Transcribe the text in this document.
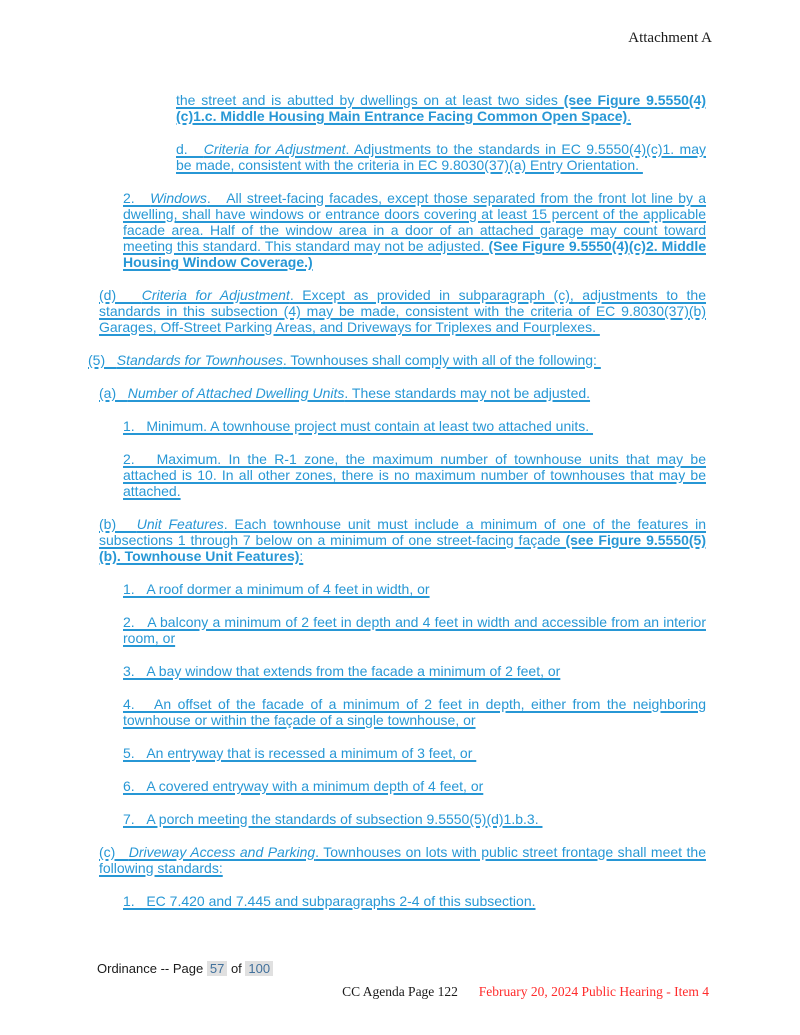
Attachment A

the street and is abutted by dwellings on at least two sides (see Figure 9.5550(4)(c)1.c. Middle Housing Main Entrance Facing Common Open Space).

d.   Criteria for Adjustment. Adjustments to the standards in EC 9.5550(4)(c)1. may be made, consistent with the criteria in EC 9.8030(37)(a) Entry Orientation.

2.   Windows.   All street-facing facades, except those separated from the front lot line by a dwelling, shall have windows or entrance doors covering at least 15 percent of the applicable facade area. Half of the window area in a door of an attached garage may count toward meeting this standard. This standard may not be adjusted. (See Figure 9.5550(4)(c)2. Middle Housing Window Coverage.)

(d)   Criteria for Adjustment. Except as provided in subparagraph (c), adjustments to the standards in this subsection (4) may be made, consistent with the criteria of EC 9.8030(37)(b) Garages, Off-Street Parking Areas, and Driveways for Triplexes and Fourplexes.

(5)   Standards for Townhouses. Townhouses shall comply with all of the following:

(a)   Number of Attached Dwelling Units. These standards may not be adjusted.

1.   Minimum. A townhouse project must contain at least two attached units.

2.   Maximum. In the R-1 zone, the maximum number of townhouse units that may be attached is 10. In all other zones, there is no maximum number of townhouses that may be attached.

(b)   Unit Features. Each townhouse unit must include a minimum of one of the features in subsections 1 through 7 below on a minimum of one street-facing façade (see Figure 9.5550(5)(b). Townhouse Unit Features):

1.   A roof dormer a minimum of 4 feet in width, or

2.   A balcony a minimum of 2 feet in depth and 4 feet in width and accessible from an interior room, or

3.   A bay window that extends from the facade a minimum of 2 feet, or

4.   An offset of the facade of a minimum of 2 feet in depth, either from the neighboring townhouse or within the façade of a single townhouse, or

5.   An entryway that is recessed a minimum of 3 feet, or

6.   A covered entryway with a minimum depth of 4 feet, or

7.   A porch meeting the standards of subsection 9.5550(5)(d)1.b.3.

(c)   Driveway Access and Parking. Townhouses on lots with public street frontage shall meet the following standards:

1.   EC 7.420 and 7.445 and subparagraphs 2-4 of this subsection.

Ordinance -- Page 57 of 100
CC Agenda Page 122	February 20, 2024 Public Hearing - Item 4
